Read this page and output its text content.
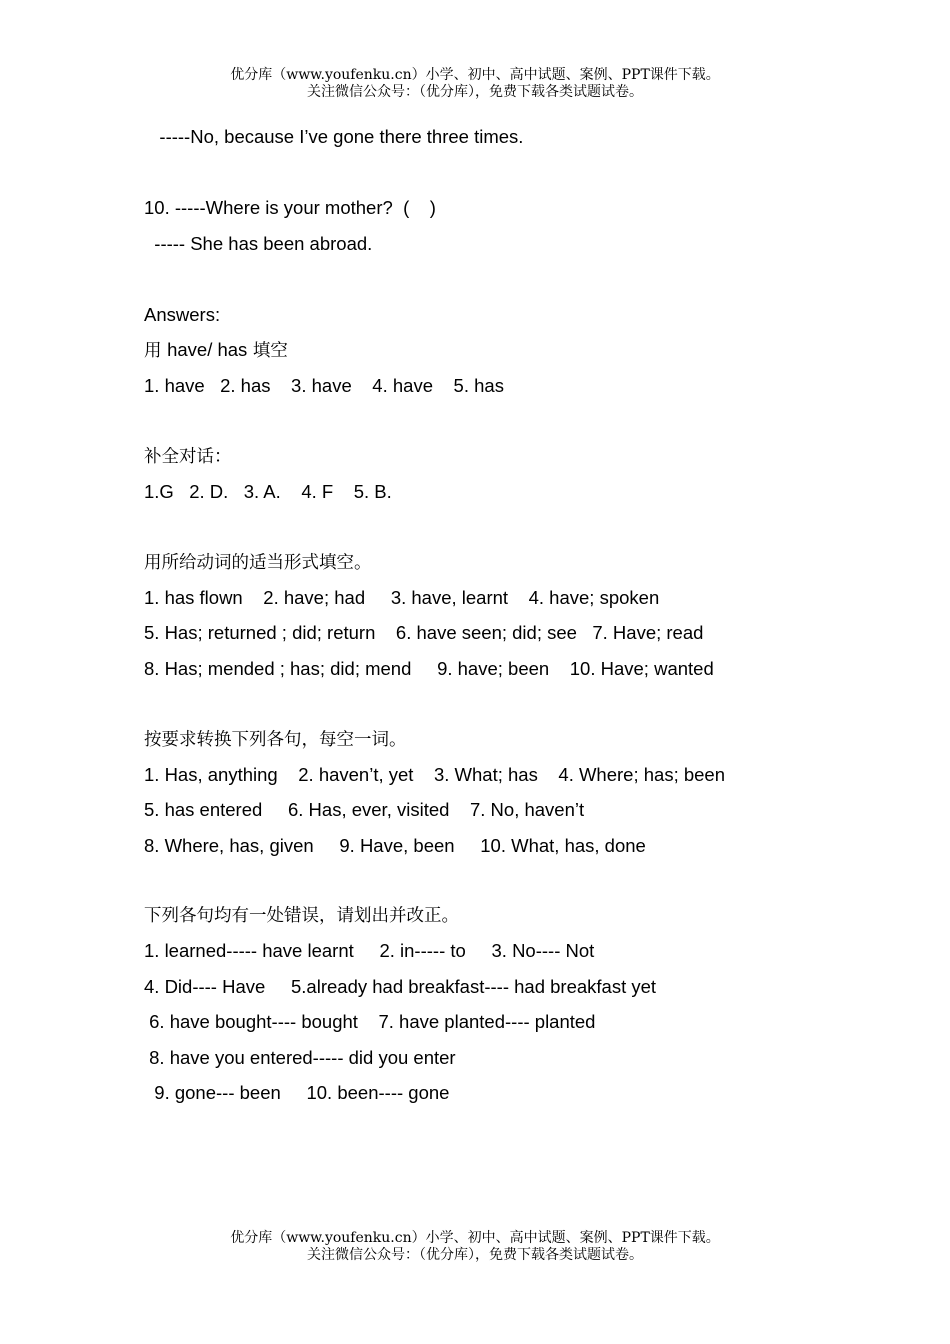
优分库（www.youfenku.cn）小学、初中、高中试题、案例、PPT课件下载。
关注微信公众号：（优分库），免费下载各类试题试卷。
-----No, because I’ve gone there three times.
10. -----Where is your mother?  (    )
----- She has been abroad.
Answers:
用 have/ has 填空
1. have   2. has    3. have    4. have    5. has
补全对话：
1.G   2. D.   3. A.    4. F    5. B.
用所给动词的适当形式填空。
1. has flown    2. have; had     3. have, learnt    4. have; spoken
5. Has; returned ; did; return    6. have seen; did; see   7. Have; read
8. Has; mended ; has; did; mend     9. have; been    10. Have; wanted
按要求转换下列各句，每空一词。
1. Has, anything    2. haven’t, yet    3. What; has    4. Where; has; been
5. has entered     6. Has, ever, visited    7. No, haven’t
8. Where, has, given     9. Have, been     10. What, has, done
下列各句均有一处错误，请划出并改正。
1. learned----- have learnt     2. in----- to     3. No---- Not
4. Did---- Have     5.already had breakfast---- had breakfast yet
6. have bought---- bought    7. have planted---- planted
8. have you entered----- did you enter
9. gone--- been     10. been---- gone
优分库（www.youfenku.cn）小学、初中、高中试题、案例、PPT课件下载。
关注微信公众号：（优分库），免费下载各类试题试卷。
